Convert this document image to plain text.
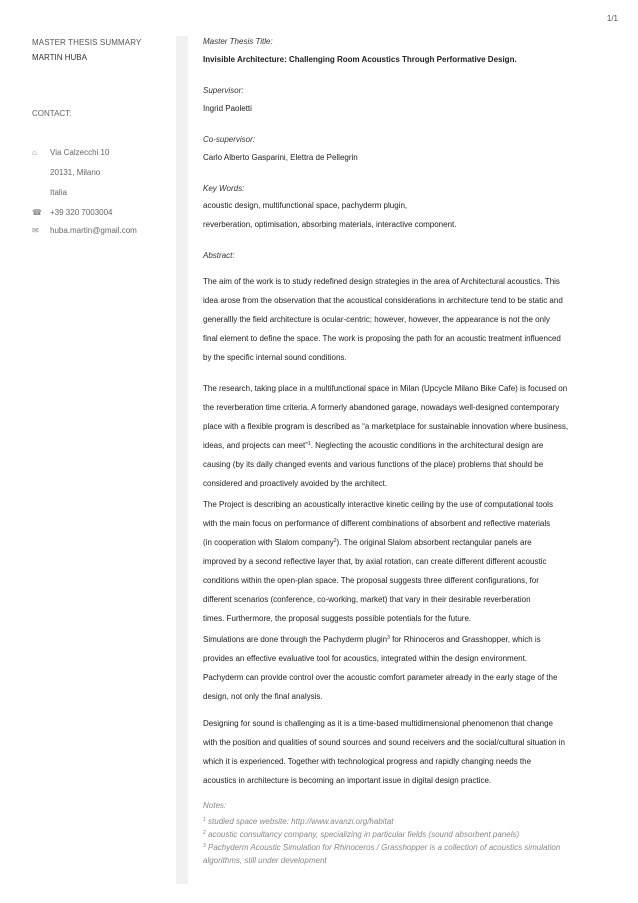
1/1
MASTER THESIS SUMMARY
MARTIN HUBA
CONTACT:
⌂ Via Calzecchi 10
20131, Milano
Italia
☎ +39 320 7003004
✉ huba.martin@gmail.com
Master Thesis Title:
Invisible Architecture: Challenging Room Acoustics Through Performative Design.
Supervisor:
Ingrid Paoletti
Co-supervisor:
Carlo Alberto Gasparini, Elettra de Pellegrin
Key Words:
acoustic design, multifunctional space, pachyderm plugin,
reverberation, optimisation, absorbing materials, interactive component.
Abstract:
The aim of the work is to study redefined design strategies in the area of Architectural acoustics. This
idea arose from the observation that the acoustical considerations in architecture tend to be static and
generallly the field architecture is ocular-centric; however, however, the appearance is not the only
final element to define the space. The work is proposing the path for an acoustic treatment influenced
by the specific internal sound conditions.
The research, taking place in a multifunctional space in Milan (Upcycle Milano Bike Cafe) is focused on
the reverberation time criteria. A formerly abandoned garage, nowadays well-designed contemporary
place with a flexible program is described as “a marketplace for sustainable innovation where business,
ideas, and projects can meet”$^1$. Neglecting the acoustic conditions in the architectural design are
causing (by its daily changed events and various functions of the place) problems that should be
considered and proactively avoided by the architect.
The Project is describing an acoustically interactive kinetic ceiling by the use of computational tools
with the main focus on performance of different combinations of absorbent and reflective materials
(in cooperation with Slalom company$^2$). The original Slalom absorbent rectangular panels are
improved by a second reflective layer that, by axial rotation, can create different different acoustic
conditions within the open-plan space. The proposal suggests three different configurations, for
different scenarios (conference, co-working, market) that vary in their desirable reverberation
times. Furthermore, the proposal suggests possible potentials for the future.
Simulations are done through the Pachyderm plugin$^3$ for Rhinoceros and Grasshopper, which is
provides an effective evaluative tool for acoustics, integrated within the design environment.
Pachyderm can provide control over the acoustic comfort parameter already in the early stage of the
design, not only the final analysis.
Designing for sound is challenging as it is a time-based multidimensional phenomenon that change
with the position and qualities of sound sources and sound receivers and the social/cultural situation in
which it is experienced. Together with technological progress and rapidly changing needs the
acoustics in architecture is becoming an important issue in digital design practice.
Notes:
$^1$ studied space website: http://www.avanzi.org/habitat
$^2$ acoustic consultancy company, specializing in particular fields (sound absorbent panels)
$^3$ Pachyderm Acoustic Simulation for Rhinoceros / Grasshopper is a collection of acoustics simulation
algorithms, still under development
